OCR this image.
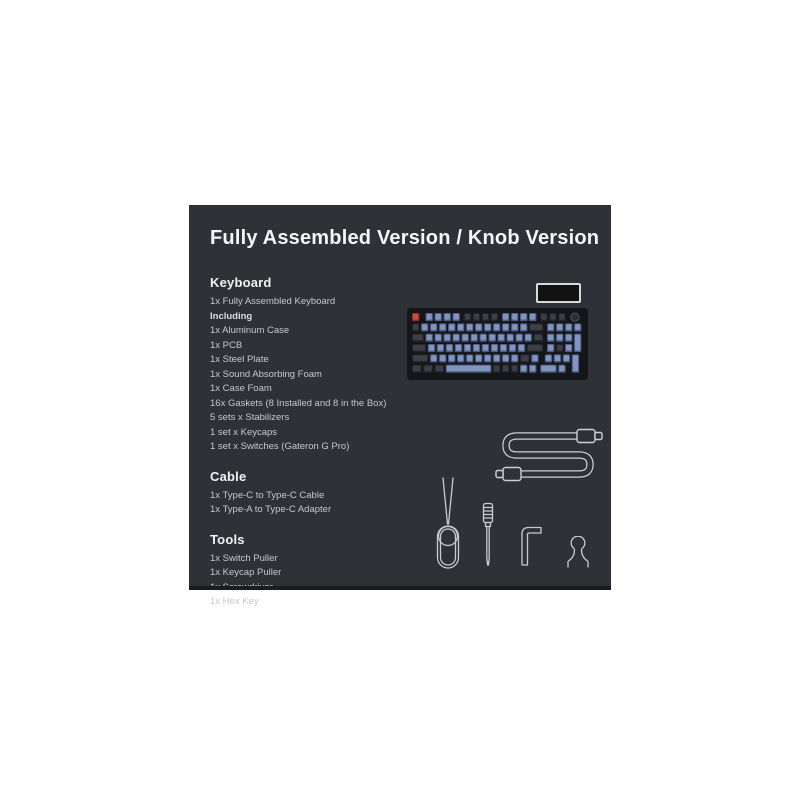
Fully Assembled Version / Knob Version
Keyboard
1x Fully Assembled Keyboard
Including
1x Aluminum Case
1x PCB
1x Steel Plate
1x Sound Absorbing Foam
1x Case Foam
16x Gaskets (8 Installed and 8 in the Box)
5 sets x Stabilizers
1 set x Keycaps
1 set x Switches (Gateron G Pro)
Cable
1x Type-C to Type-C Cable
1x Type-A to Type-C Adapter
Tools
1x Switch Puller
1x Keycap Puller
1x Hex Key
